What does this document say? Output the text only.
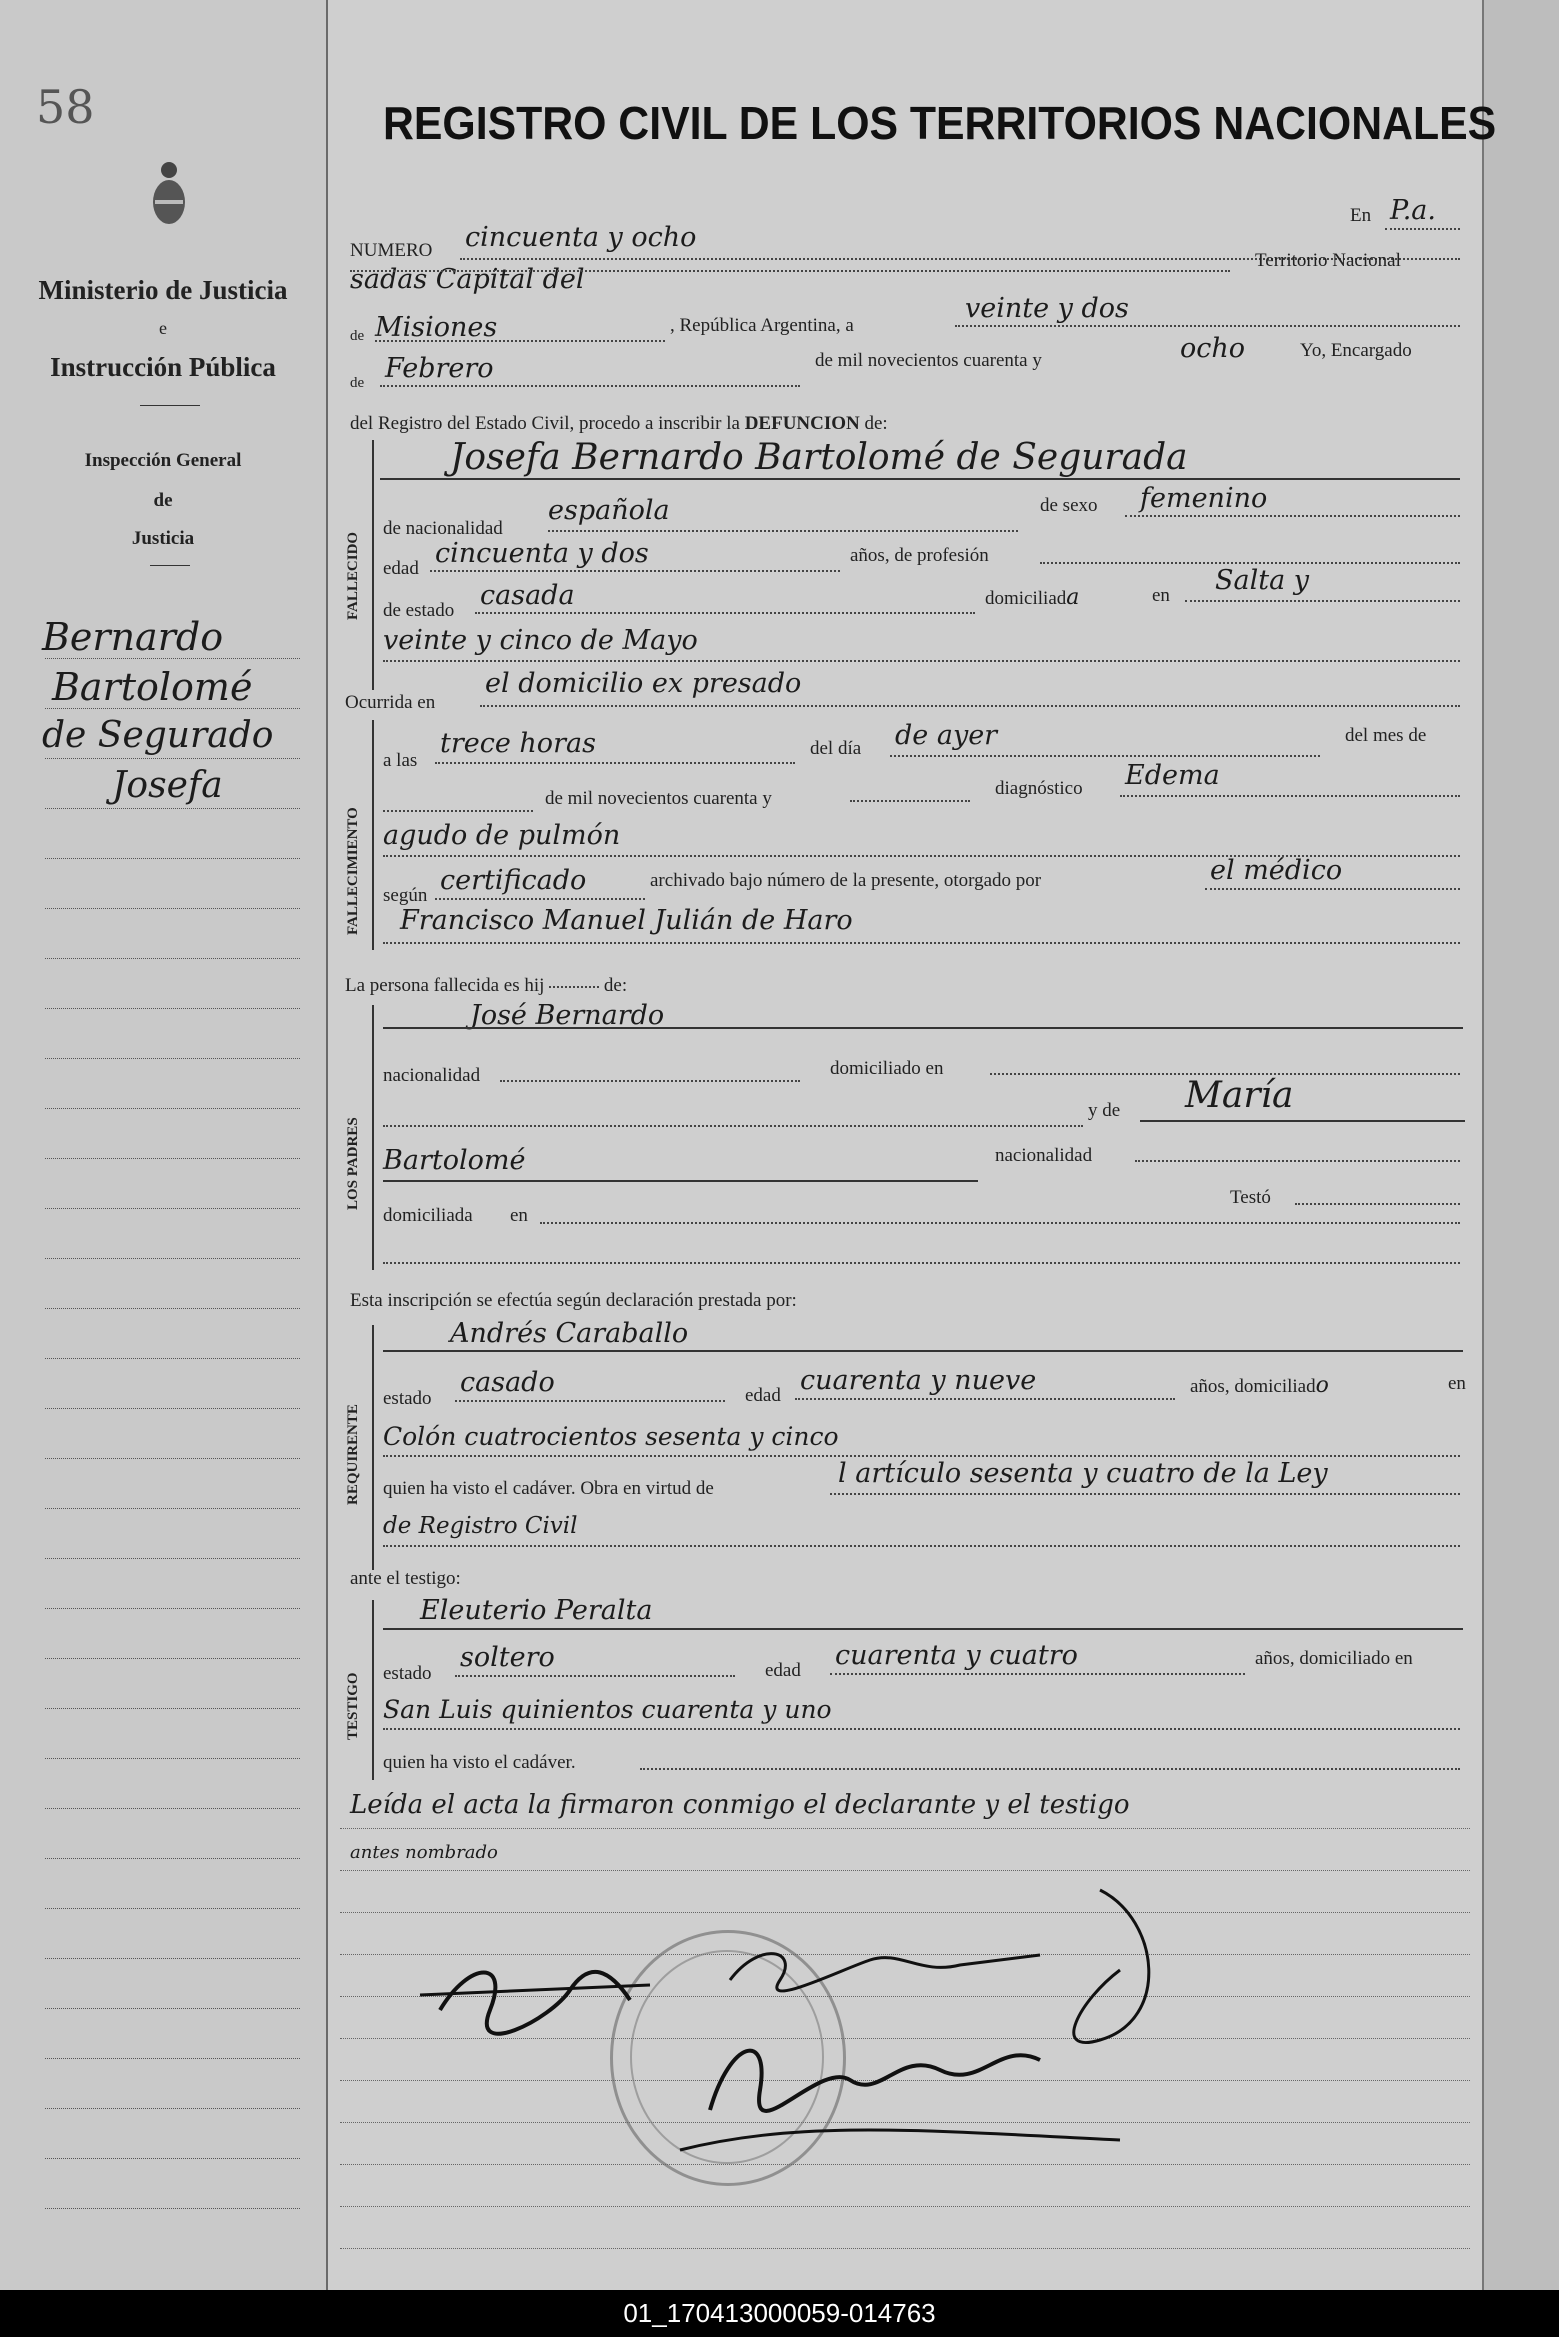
58
Ministerio de Justicia
e
Instrucción Pública
Inspección General
de
Justicia
Bernardo
Bartolomé
de Segurado
Josefa
REGISTRO CIVIL DE LOS TERRITORIOS NACIONALES
En P.a.
NUMERO cincuenta y ocho
sadas Capital del
Territorio Nacional
de Misiones	, República Argentina, a
veinte y dos
de Febrero	de mil novecientos cuarenta y	ocho	Yo, Encargado
del Registro del Estado Civil, procedo a inscribir la DEFUNCION de:
FALLECIDO
Josefa Bernardo Bartolomé de Segurada
de nacionalidad
española	de sexo femenino
edad cincuenta y dos	años, de profesión
de estado casada	domiciliada	en Salta y
veinte y cinco de Mayo
Ocurrida en
el domicilio ex presado
FALLECIMIENTO
a las
trece horas	del día de ayer	del mes de
de mil novecientos cuarenta y	diagnóstico Edema
agudo de pulmón
según certificado	archivado bajo número de la presente, otorgado por	el médico
Francisco Manuel Julián de Haro
La persona fallecida es hij	de:
LOS PADRES
José Bernardo
nacionalidad	domiciliado en
y de María
Bartolomé	nacionalidad
Testó
domiciliada en
Esta inscripción se efectúa según declaración prestada por:
REQUIRENTE
Andrés Caraballo
estado
casado	edad cuarenta y nueve	años, domiciliado	en
Colón cuatrocientos sesenta y cinco
quien ha visto el cadáver. Obra en virtud de	l artículo sesenta y cuatro de la Ley
de Registro Civil
ante el testigo:
TESTIGO
Eleuterio Peralta
estado
soltero	edad cuarenta y cuatro	años, domiciliado en
San Luis quinientos cuarenta y uno
quien ha visto el cadáver.
Leída el acta la firmaron conmigo el declarante y el testigo
antes nombrado
01_170413000059-014763
